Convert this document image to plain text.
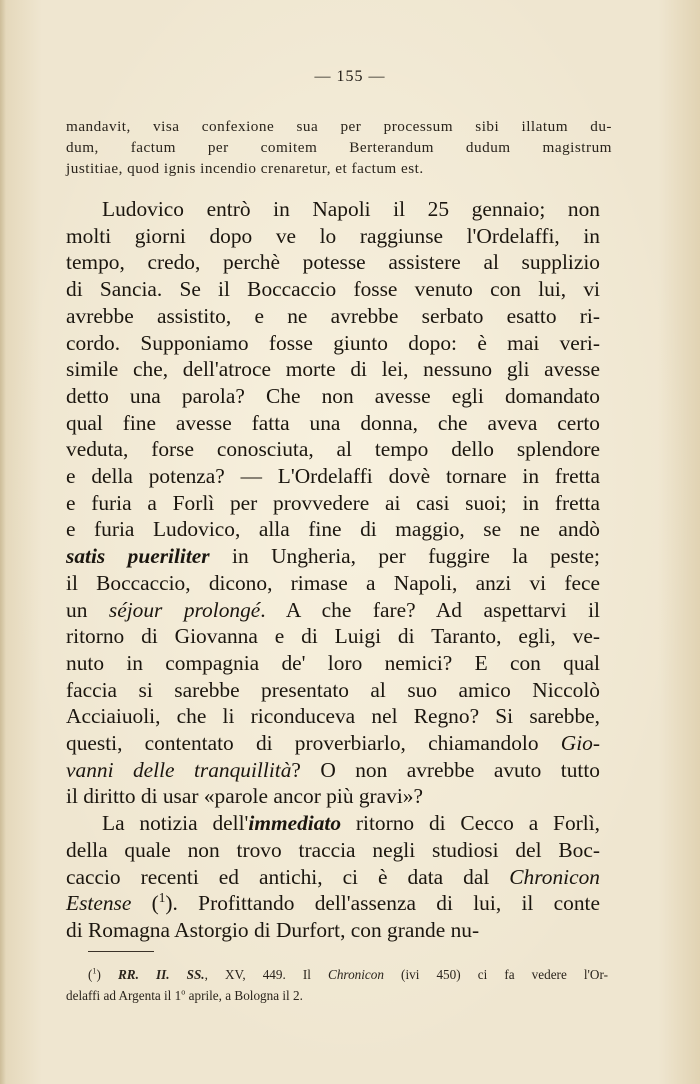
— 155 —
mandavit, visa confexione sua per processum sibi illatum du-
dum, factum per comitem Berterandum dudum magistrum
justitiae, quod ignis incendio crenaretur, et factum est.
Ludovico entrò in Napoli il 25 gennaio; non
molti giorni dopo ve lo raggiunse l'Ordelaffi, in
tempo, credo, perchè potesse assistere al supplizio
di Sancia. Se il Boccaccio fosse venuto con lui, vi
avrebbe assistito, e ne avrebbe serbato esatto ri-
cordo. Supponiamo fosse giunto dopo: è mai veri-
simile che, dell'atroce morte di lei, nessuno gli avesse
detto una parola? Che non avesse egli domandato
qual fine avesse fatta una donna, che aveva certo
veduta, forse conosciuta, al tempo dello splendore
e della potenza? — L'Ordelaffi dovè tornare in fretta
e furia a Forlì per provvedere ai casi suoi; in fretta
e furia Ludovico, alla fine di maggio, se ne andò
satis pueriliter in Ungheria, per fuggire la peste;
il Boccaccio, dicono, rimase a Napoli, anzi vi fece
un séjour prolongé. A che fare? Ad aspettarvi il
ritorno di Giovanna e di Luigi di Taranto, egli, ve-
nuto in compagnia de' loro nemici? E con qual
faccia si sarebbe presentato al suo amico Niccolò
Acciaiuoli, che li riconduceva nel Regno? Si sarebbe,
questi, contentato di proverbiarlo, chiamandolo Gio-
vanni delle tranquillità? O non avrebbe avuto tutto
il diritto di usar «parole ancor più gravi»?
La notizia dell'immediato ritorno di Cecco a Forlì,
della quale non trovo traccia negli studiosi del Boc-
caccio recenti ed antichi, ci è data dal Chronicon
Estense ($^1$). Profittando dell'assenza di lui, il conte
di Romagna Astorgio di Durfort, con grande nu-
($^1$) RR. II. SS., XV, 449. Il Chronicon (ivi 450) ci fa vedere l'Or-
delaffi ad Argenta il 1$^o$ aprile, a Bologna il 2.
